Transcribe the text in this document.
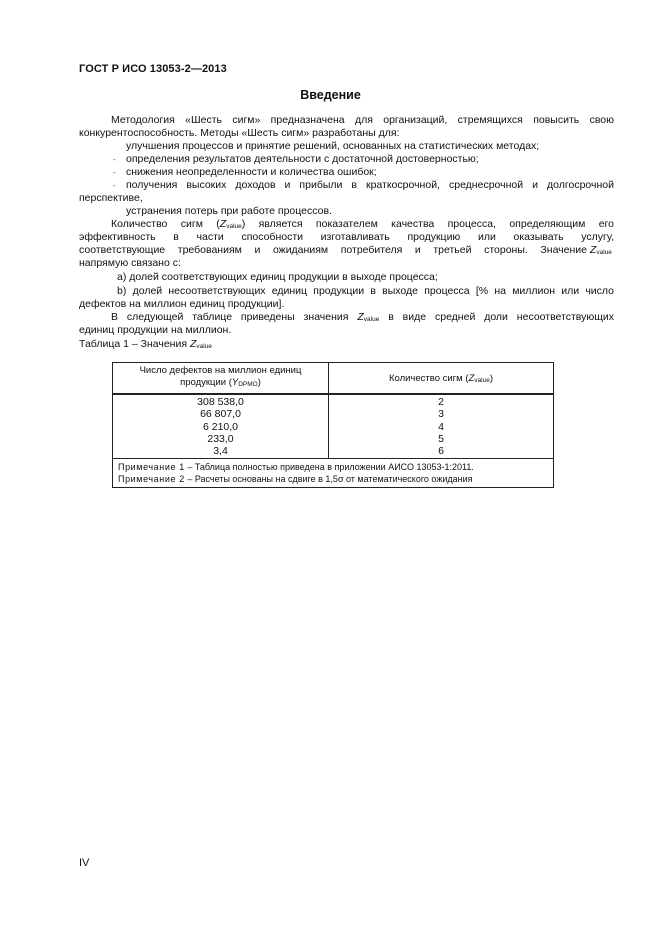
ГОСТ Р ИСО 13053-2—2013
Введение
Методология «Шесть сигм» предназначена для организаций, стремящихся повысить свою
конкурентоспособность. Методы «Шесть сигм» разработаны для:
улучшения процессов и принятие решений, основанных на статистических методах;
- определения результатов деятельности с достаточной достоверностью;
- снижения неопределенности и количества ошибок;
- получения высоких доходов и прибыли в краткосрочной, среднесрочной и долгосрочной
перспективе,
устранения потерь при работе процессов.
Количество сигм $(Z_{value})$ является показателем качества процесса, определяющим его
эффективность в части способности изготавливать продукцию или оказывать услугу,
соответствующие требованиям и ожиданиям потребителя и третьей стороны. Значение $Z_{value}$
напрямую связано с:
a) долей соответствующих единиц продукции в выходе процесса;
b) долей несоответствующих единиц продукции в выходе процесса [% на миллион или число
дефектов на миллион единиц продукции].
В следующей таблице приведены значения $Z_{value}$ в виде средней доли несоответствующих
единиц продукции на миллион.
Таблица 1 – Значения $Z_{value}$
Число дефектов на миллион единиц
продукции $(Y_{DPMO})$	Количество сигм $(Z_{value})$
308 538,0	2
66 807,0	3
6 210,0	4
233,0	5
3,4	6
Примечание 1 – Таблица полностью приведена в приложении АИСО 13053-1:2011.	
Примечание 2 – Расчеты основаны на сдвиге в 1,5σ от математического ожидания	
IV
